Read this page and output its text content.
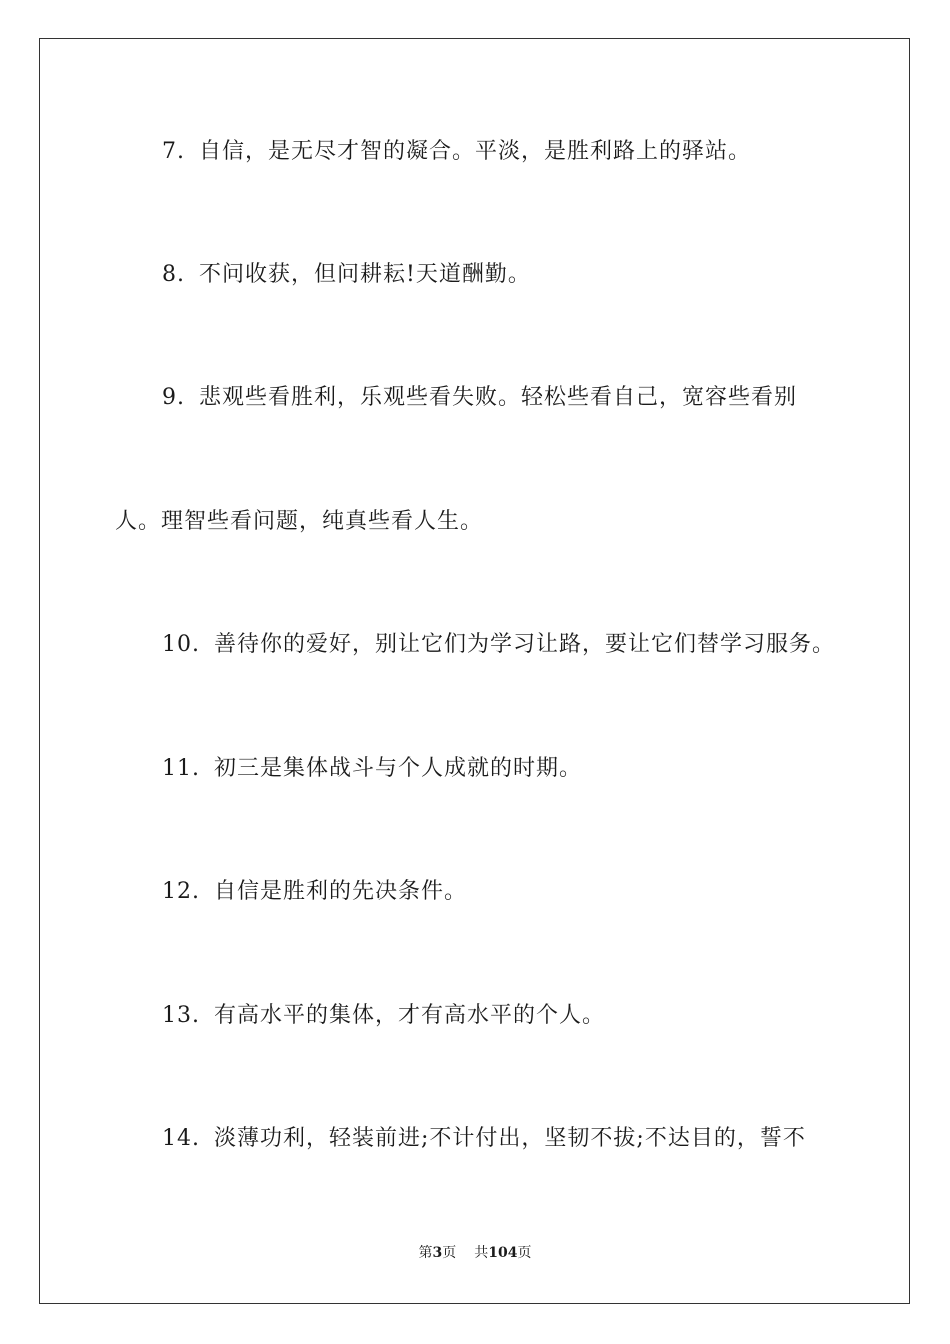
7. 自信，是无尽才智的凝合。平淡，是胜利路上的驿站。
8. 不问收获，但问耕耘!天道酬勤。
9. 悲观些看胜利，乐观些看失败。轻松些看自己，宽容些看别
人。理智些看问题，纯真些看人生。
10. 善待你的爱好，别让它们为学习让路，要让它们替学习服务。
11. 初三是集体战斗与个人成就的时期。
12. 自信是胜利的先决条件。
13. 有高水平的集体，才有高水平的个人。
14. 淡薄功利，轻装前进;不计付出，坚韧不拔;不达目的，誓不
第3页 共104页
